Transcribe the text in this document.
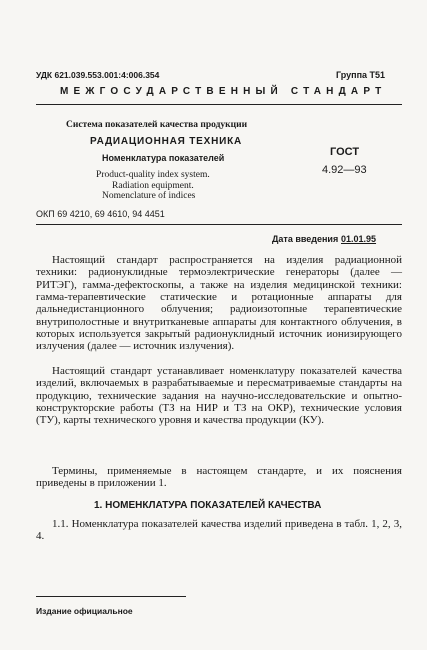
УДК 621.039.553.001:4:006.354	Группа Т51
МЕЖГОСУДАРСТВЕННЫЙ СТАНДАРТ
Система показателей качества продукции
РАДИАЦИОННАЯ ТЕХНИКА
Номенклатура показателей
Product-quality index system.
Radiation equipment.
Nomenclature of indices
ГОСТ
4.92—93
ОКП 69 4210, 69 4610, 94 4451
Дата введения 01.01.95

Настоящий стандарт распространяется на изделия радиационной техники: радионуклидные термоэлектрические генераторы (далее — РИТЭГ), гамма-дефектоскопы, а также на изделия медицинской техники: гамма-терапевтические статические и ротационные аппараты для дальнедистанционного облучения; радиоизотопные терапевтические внутриполостные и внутритканевые аппараты для контактного облучения, в которых используется закрытый радионуклидный источник ионизирующего излучения (далее — источник излучения).

Настоящий стандарт устанавливает номенклатуру показателей качества изделий, включаемых в разрабатываемые и пересматриваемые стандарты на продукцию, технические задания на научно-исследовательские и опытно-конструкторские работы (ТЗ на НИР и ТЗ на ОКР), технические условия (ТУ), карты технического уровня и качества продукции (КУ).

Термины, применяемые в настоящем стандарте, и их пояснения приведены в приложении 1.

1. НОМЕНКЛАТУРА ПОКАЗАТЕЛЕЙ КАЧЕСТВА

1.1. Номенклатура показателей качества изделий приведена в табл. 1, 2, 3, 4.

Издание официальное
